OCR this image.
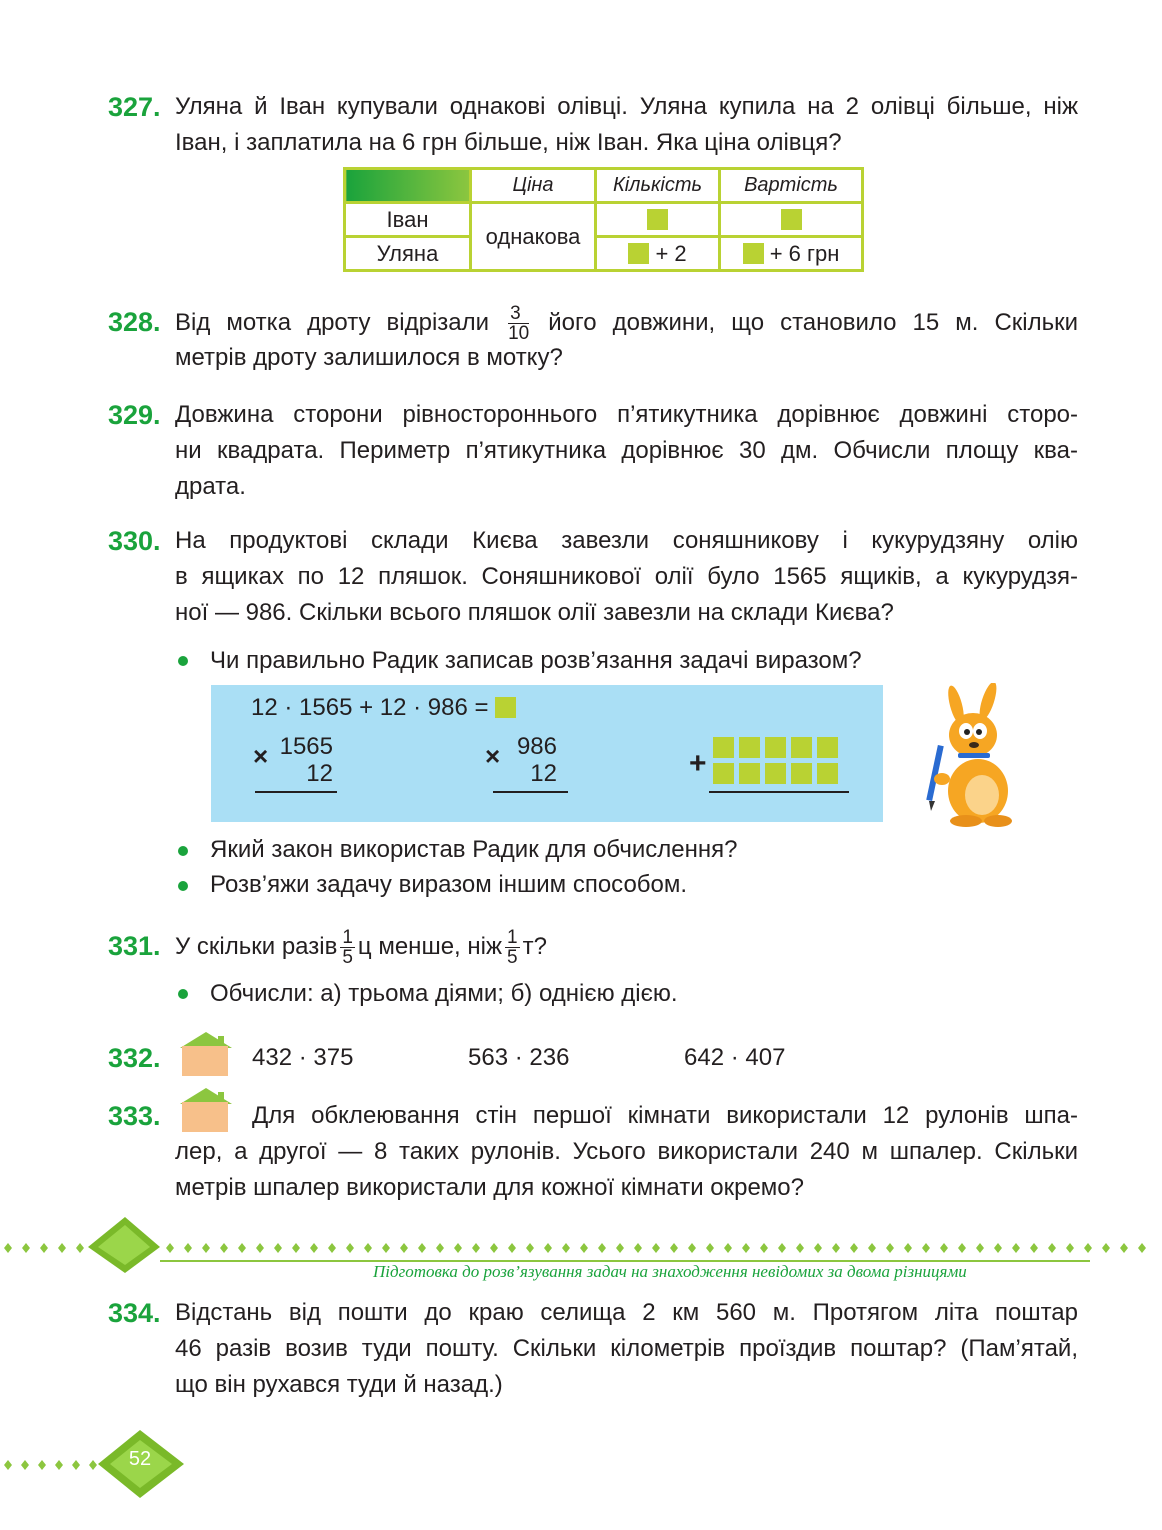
327. Уляна й Іван купували однакові олівці. Уляна купила на 2 олівці більше, ніж
Іван, і заплатила на 6 грн більше, ніж Іван. Яка ціна олівця?
	Ціна	Кількість	Вартість
Іван	однакова		
Уляна		+ 2	+ 6 грн
328. Від мотка дроту відрізали $\frac{3}{10}$ його довжини, що становило 15 м. Скільки
метрів дроту залишилося в мотку?
329. Довжина сторони рівностороннього п’ятикутника дорівнює довжині сторо-
ни квадрата. Периметр п’ятикутника дорівнює 30 дм. Обчисли площу ква-
драта.
330. На продуктові склади Києва завезли соняшникову і кукурудзяну олію
в ящиках по 12 пляшок. Соняшникової олії було 1565 ящиків, а кукурудзя-
ної — 986. Скільки всього пляшок олії завезли на склади Києва?
Чи правильно Радик записав розв’язання задачі виразом?
12 · 1565 + 12 · 986 =
× 1565
12
× 986
12	+
Який закон використав Радик для обчислення?
Розв’яжи задачу виразом іншим способом.
331. У скільки разів $\frac{1}{5}$ ц менше, ніж $\frac{1}{5} т$?
Обчисли: а) трьома діями; б) однією дією.
332.	432 · 375	563 · 236	642 · 407
333.	Для обклеювання стін першої кімнати використали 12 рулонів шпа-
лер, а другої — 8 таких рулонів. Усього використали 240 м шпалер. Скільки
метрів шпалер використали для кожної кімнати окремо?
Підготовка до розв’язування задач на знаходження невідомих за двома різницями
334. Відстань від пошти до краю селища 2 км 560 м. Протягом літа поштар
46 разів возив туди пошту. Скільки кілометрів проїздив поштар? (Пам’ятай,
що він рухався туди й назад.)
52
